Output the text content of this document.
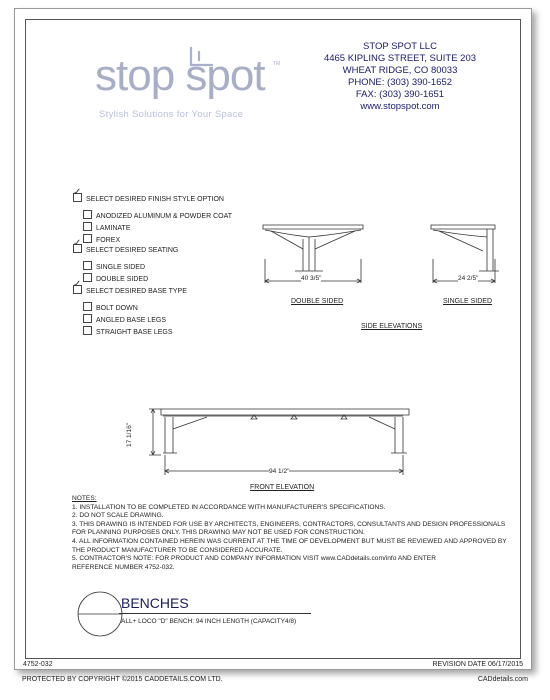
stop spot TM
Stylish Solutions for Your Space
STOP SPOT LLC
4465 KIPLING STREET, SUITE 203
WHEAT RIDGE, CO 80033
PHONE: (303) 390-1652
FAX: (303) 390-1651
www.stopspot.com
✓SELECT DESIRED FINISH STYLE OPTION
ANODIZED ALUMINUM & POWDER COAT
LAMINATE
FOREX
✓SELECT DESIRED SEATING
SINGLE SIDED
DOUBLE SIDED
✓SELECT DESIRED BASE TYPE
BOLT DOWN
ANGLED BASE LEGS
STRAIGHT BASE LEGS
40 3/5"	24 2/5"
DOUBLE SIDED	SINGLE SIDED
SIDE ELEVATIONS
17 1/16"
94 1/2"
FRONT ELEVATION
NOTES:
1. INSTALLATION TO BE COMPLETED IN ACCORDANCE WITH MANUFACTURER'S SPECIFICATIONS.
2. DO NOT SCALE DRAWING.
3. THIS DRAWING IS INTENDED FOR USE BY ARCHITECTS, ENGINEERS, CONTRACTORS, CONSULTANTS AND DESIGN PROFESSIONALS
FOR PLANNING PURPOSES ONLY. THIS DRAWING MAY NOT BE USED FOR CONSTRUCTION.
4. ALL INFORMATION CONTAINED HEREIN WAS CURRENT AT THE TIME OF DEVELOPMENT BUT MUST BE REVIEWED AND APPROVED BY
THE PRODUCT MANUFACTURER TO BE CONSIDERED ACCURATE.
5. CONTRACTOR'S NOTE: FOR PRODUCT AND COMPANY INFORMATION VISIT www.CADdetails.com/info AND ENTER
REFERENCE NUMBER 4752-032.
BENCHES
ALL+ LOCO "D" BENCH: 94 INCH LENGTH (CAPACITY4/8)
4752-032	REVISION DATE 06/17/2015
PROTECTED BY COPYRIGHT ©2015 CADDETAILS.COM LTD.	CADdetails.com
